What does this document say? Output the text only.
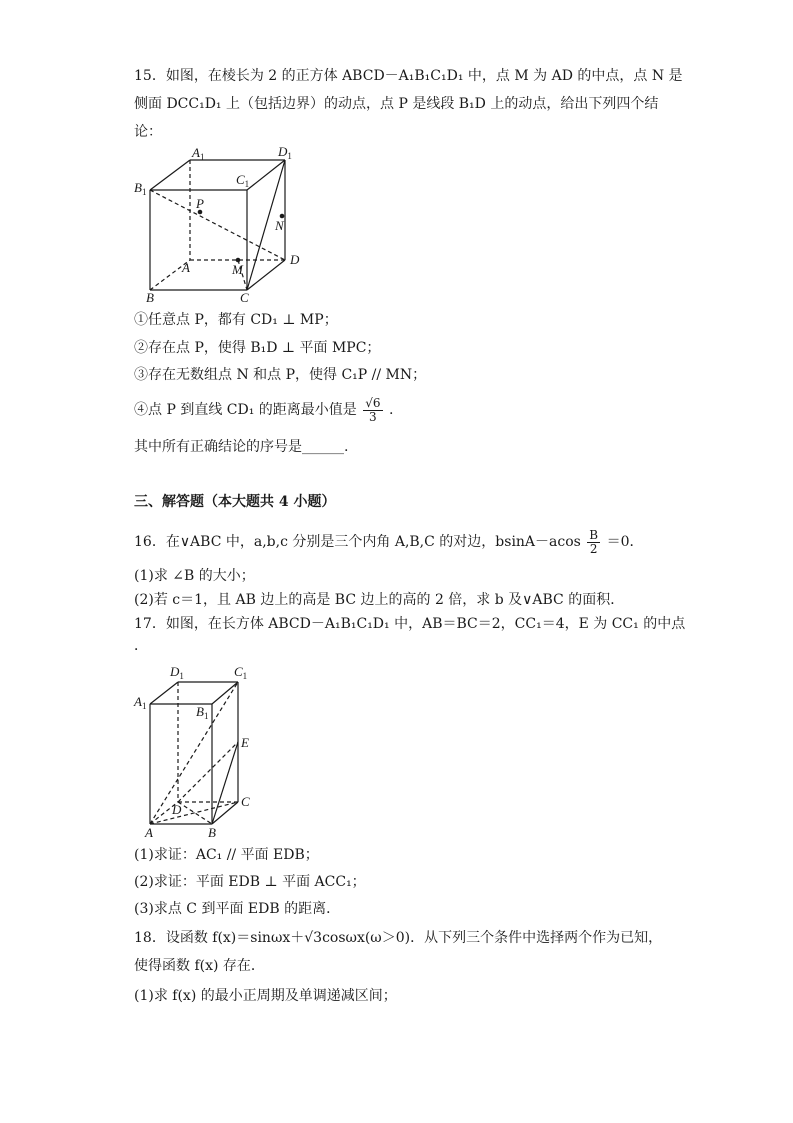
15．如图，在棱长为 2 的正方体 ABCD－A₁B₁C₁D₁ 中，点 M 为 AD 的中点，点 N 是
侧面 DCC₁D₁ 上（包括边界）的动点，点 P 是线段 B₁D 上的动点，给出下列四个结
论：
$A_1$	$D_1$
$B_1$
$C_1$
P
N
A	M
D
B	C
①任意点 P，都有 CD₁ ⊥ MP；
②存在点 P，使得 B₁D ⊥ 平面 MPC；
③存在无数组点 N 和点 P，使得 C₁P // MN；
④点 P 到直线 CD₁ 的距离最小值是 $\frac{√6}{3}$ .
其中所有正确结论的序号是______.
三、解答题（本大题共 4 小题）
16．在∨ABC 中，a,b,c 分别是三个内角 A,B,C 的对边，$bsinA-acos \frac{B}{2} =0$．
(1)求 ∠B 的大小；
(2)若 c＝1，且 AB 边上的高是 BC 边上的高的 2 倍，求 b 及∨ABC 的面积．
17．如图，在长方体 ABCD－A₁B₁C₁D₁ 中，AB＝BC＝2，CC₁＝4，E 为 CC₁ 的中点
．
$D_1$	$C_1$
$A_1$	$B_1$
E
D
C
A	B
(1)求证：AC₁ // 平面 EDB；
(2)求证：平面 EDB ⊥ 平面 ACC₁；
(3)求点 C 到平面 EDB 的距离．
18．设函数 f(x)＝sinωx＋√3cosωx(ω＞0)．从下列三个条件中选择两个作为已知，
使得函数 f(x) 存在．
(1)求 f(x) 的最小正周期及单调递减区间；
